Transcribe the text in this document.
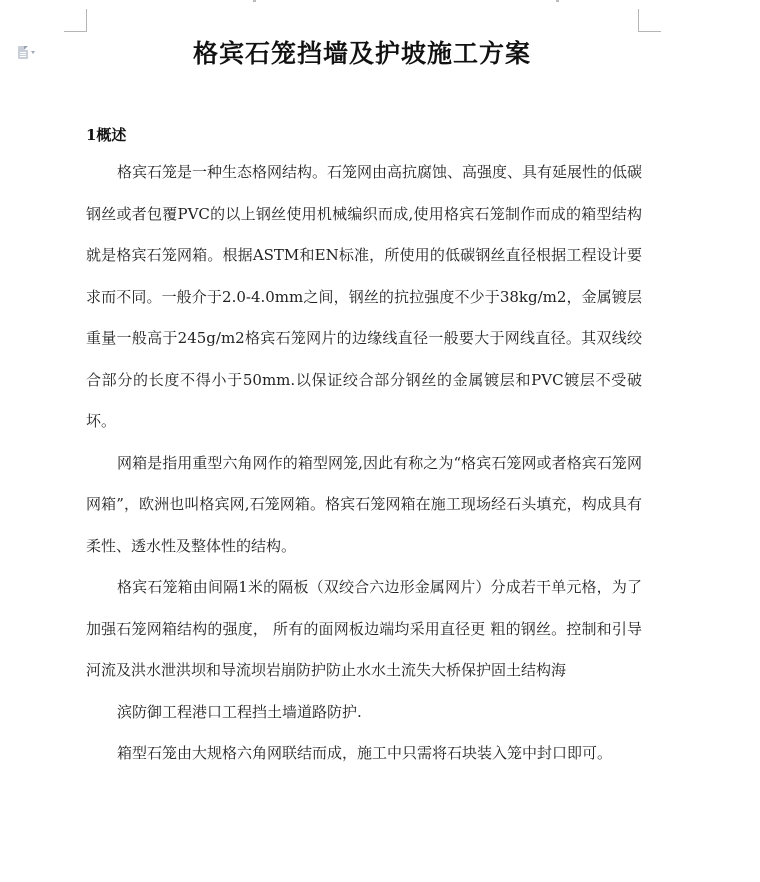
格宾石笼挡墙及护坡施工方案
1概述

格宾石笼是一种生态格网结构。石笼网由高抗腐蚀、高强度、具有延展性的低碳钢丝或者包覆PVC的以上钢丝使用机械编织而成,使用格宾石笼制作而成的箱型结构就是格宾石笼网箱。根据ASTM和EN标准，所使用的低碳钢丝直径根据工程设计要求而不同。一般介于2.0-4.0mm之间，钢丝的抗拉强度不少于38kg/m2，金属镀层重量一般高于245g/m2格宾石笼网片的边缘线直径一般要大于网线直径。其双线绞合部分的长度不得小于50mm.以保证绞合部分钢丝的金属镀层和PVC镀层不受破坏。

网箱是指用重型六角网作的箱型网笼,因此有称之为“格宾石笼网或者格宾石笼网网箱”，欧洲也叫格宾网,石笼网箱。格宾石笼网箱在施工现场经石头填充，构成具有柔性、透水性及整体性的结构。

格宾石笼箱由间隔1米的隔板（双绞合六边形金属网片）分成若干单元格，为了加强石笼网箱结构的强度， 所有的面网板边端均采用直径更 粗的钢丝。控制和引导河流及洪水泄洪坝和导流坝岩崩防护防止水水土流失大桥保护固土结构海

滨防御工程港口工程挡土墙道路防护.

箱型石笼由大规格六角网联结而成，施工中只需将石块装入笼中封口即可。
